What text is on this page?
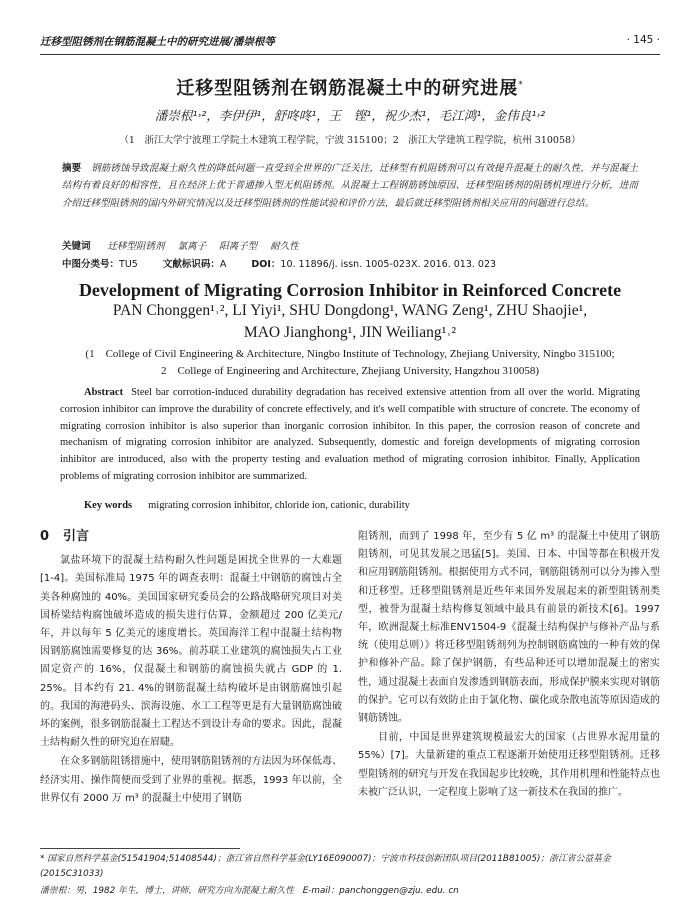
迁移型阻锈剂在钢筋混凝土中的研究进展/潘崇根等	· 145 ·
迁移型阻锈剂在钢筋混凝土中的研究进展*
潘崇根¹˒²，李伊伊¹，舒咚咚¹，王　铿¹，祝少杰¹，毛江鸿¹，金伟良¹˒²
（1　浙江大学宁波理工学院土木建筑工程学院，宁波 315100；2　浙江大学建筑工程学院，杭州 310058）
摘要 钢筋锈蚀导致混凝土耐久性的降低问题一直受到全世界的广泛关注，迁移型有机阻锈剂可以有效提升混凝土的耐久性，并与混凝土结构有着良好的相容性，且在经济上优于普通掺入型无机阻锈剂。从混凝土工程钢筋锈蚀原因、迁移型阻锈剂的阻锈机理进行分析，进而介绍迁移型阻锈剂的国内外研究情况以及迁移型阻锈剂的性能试验和评价方法，最后就迁移型阻锈剂相关应用的问题进行总结。
关键词 迁移型阻锈剂 氯离子 阳离子型 耐久性
中图分类号：TU5	文献标识码：A	DOI：10. 11896/j. issn. 1005-023X. 2016. 013. 023
Development of Migrating Corrosion Inhibitor in Reinforced Concrete
PAN Chonggen¹˒², LI Yiyi¹, SHU Dongdong¹, WANG Zeng¹, ZHU Shaojie¹,
MAO Jianghong¹, JIN Weiliang¹˒²
(1　College of Civil Engineering & Architecture, Ningbo Institute of Technology, Zhejiang University, Ningbo 315100;
2　College of Engineering and Architecture, Zhejiang University, Hangzhou 310058)
Abstract Steel bar corrotion-induced durability degradation has received extensive attention from all over the world. Migrating corrosion inhibitor can improve the durability of concrete effectively, and it's well compatible with structure of concrete. The economy of migrating corrosion inhibitor is also superior than inorganic corrosion inhibitor. In this paper, the corrosion reason of concrete and mechanism of migrating corrosion inhibitor are analyzed. Subsequently, domestic and foreign developments of migrating corrosion inhibitor are introduced, also with the property testing and evaluation method of migrating corrosion inhibitor. Finally, Application problems of migrating corrosion inhibitor are summarized.
Key words migrating corrosion inhibitor, chloride ion, cationic, durability
0 引言

氯盐环境下的混凝土结构耐久性问题是困扰全世界的一大难题[1-4]。美国标准局 1975 年的调查表明：混凝土中钢筋的腐蚀占全美各种腐蚀的 40%。美国国家研究委员会的公路战略研究项目对美国桥梁结构腐蚀破坏造成的损失进行估算，金额超过 200 亿美元/年，并以每年 5 亿美元的速度增长。英国海洋工程中混凝土结构物因钢筋腐蚀需要修复的达 36%。前苏联工业建筑的腐蚀损失占工业固定资产的 16%，仅混凝土和钢筋的腐蚀损失就占 GDP 的 1. 25%。目本约有 21. 4%的钢筋混凝土结构破坏是由钢筋腐蚀引起的。我国的海港码头、滨海设施、水工工程等更是有大量钢筋腐蚀破坏的案例，很多钢筋混凝土工程达不到设计寿命的要求。因此，混凝土结构耐久性的研究迫在眉睫。

在众多钢筋阻锈措施中，使用钢筋阻锈剂的方法因为环保低毒、经济实用、操作简便而受到了业界的重视。据悉，1993 年以前，全世界仅有 2000 万 m³ 的混凝土中使用了钢筋

阻锈剂，而到了 1998 年，至少有 5 亿 m³ 的混凝土中使用了钢筋阻锈剂，可见其发展之迅猛[5]。美国、日本、中国等都在积极开发和应用钢筋阻锈剂。根据使用方式不同，钢筋阻锈剂可以分为掺入型和迁移型。迁移型阻锈剂是近些年来国外发展起来的新型阻锈剂类型，被誉为混凝土结构修复领域中最具有前景的新技术[6]。1997 年，欧洲混凝土标准ENV1504-9《混凝土结构保护与修补产品与系统（使用总则）》将迁移型阻锈剂列为控制钢筋腐蚀的一种有效的保护和修补产品。除了保护钢筋，有些品种还可以增加混凝土的密实性，通过混凝土表面自发渗透到钢筋表面，形成保护膜来实现对钢筋的保护。它可以有效防止由于氯化物、碳化或杂散电流等原因造成的钢筋锈蚀。

目前，中国是世界建筑规模最宏大的国家（占世界水泥用量的 55%）[7]。大量新建的重点工程逐渐开始使用迁移型阻锈剂。迁移型阻锈剂的研究与开发在我国起步比较晚，其作用机理和性能特点也未被广泛认识，一定程度上影响了这一新技术在我国的推广。

* 国家自然科学基金(51541904;51408544)；浙江省自然科学基金(LY16E090007)；宁波市科技创新团队项目(2011B81005)；浙江省公益基金(2015C31033)
潘崇根：男，1982 年生，博士，讲师，研究方向为混凝土耐久性　E-mail：panchonggen@zju. edu. cn
